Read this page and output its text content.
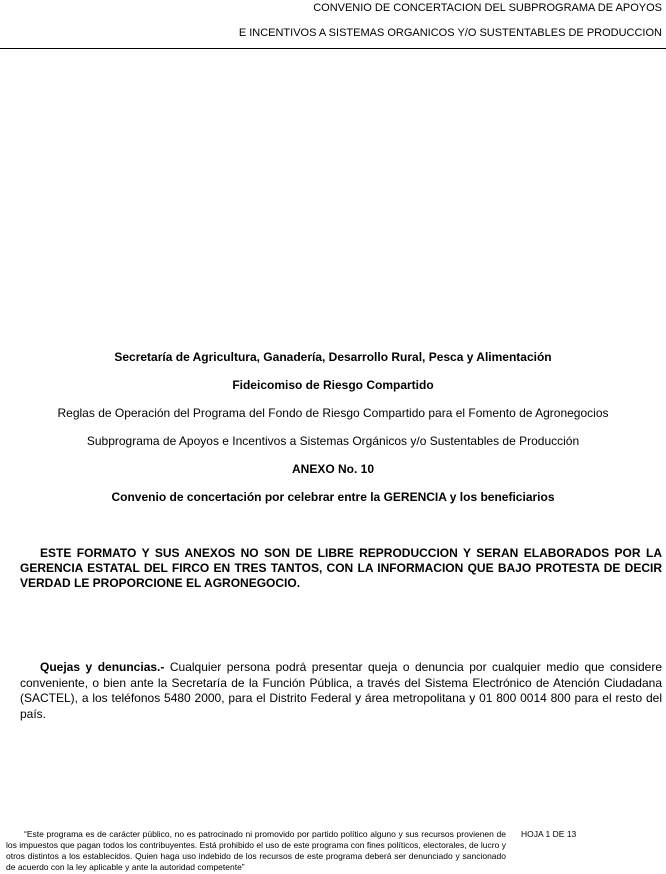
CONVENIO DE CONCERTACION DEL SUBPROGRAMA DE APOYOS
E INCENTIVOS A SISTEMAS ORGANICOS Y/O SUSTENTABLES DE PRODUCCION
Secretaría de Agricultura, Ganadería, Desarrollo Rural, Pesca y Alimentación
Fideicomiso de Riesgo Compartido
Reglas de Operación del Programa del Fondo de Riesgo Compartido para el Fomento de Agronegocios
Subprograma de Apoyos e Incentivos a Sistemas Orgánicos y/o Sustentables de Producción
ANEXO No. 10
Convenio de concertación por celebrar entre la GERENCIA y los beneficiarios
ESTE FORMATO Y SUS ANEXOS NO SON DE LIBRE REPRODUCCION Y SERAN ELABORADOS POR LA GERENCIA ESTATAL DEL FIRCO EN TRES TANTOS, CON LA INFORMACION QUE BAJO PROTESTA DE DECIR VERDAD LE PROPORCIONE EL AGRONEGOCIO.
Quejas y denuncias.- Cualquier persona podrá presentar queja o denuncia por cualquier medio que considere conveniente, o bien ante la Secretaría de la Función Pública, a través del Sistema Electrónico de Atención Ciudadana (SACTEL), a los teléfonos 5480 2000, para el Distrito Federal y área metropolitana y 01 800 0014 800 para el resto del país.
“Este programa es de carácter público, no es patrocinado ni promovido por partido político alguno y sus recursos provienen de los impuestos que pagan todos los contribuyentes. Está prohibido el uso de este programa con fines políticos, electorales, de lucro y otros distintos a los establecidos. Quien haga uso indebido de los recursos de este programa deberá ser denunciado y sancionado de acuerdo con la ley aplicable y ante la autoridad competente”
HOJA 1 DE 13
